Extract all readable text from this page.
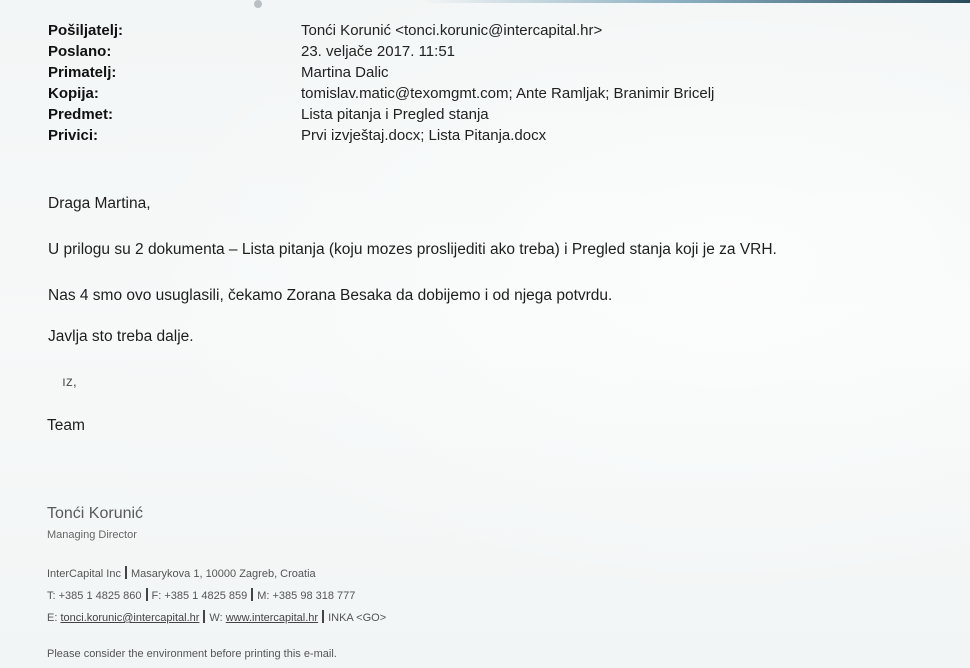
Pošiljatelj:	Tonći Korunić <tonci.korunic@intercapital.hr>
Poslano:	23. veljače 2017. 11:51
Primatelj:	Martina Dalic
Kopija:	tomislav.matic@texomgmt.com; Ante Ramljak; Branimir Bricelj
Predmet:	Lista pitanja i Pregled stanja
Privici:	Prvi izvještaj.docx; Lista Pitanja.docx

Draga Martina,

U prilogu su 2 dokumenta – Lista pitanja (koju mozes proslijediti ako treba) i Pregled stanja koji je za VRH.

Nas 4 smo ovo usuglasili, čekamo Zorana Besaka da dobijemo i od njega potvrdu.

Javlja sto treba dalje.

ız,

Team

Tonći Korunić
Managing Director
InterCapital Inc Masarykova 1, 10000 Zagreb, Croatia
T: +385 1 4825 860 F: +385 1 4825 859 M: +385 98 318 777
E: tonci.korunic@intercapital.hr W: www.intercapital.hr INKA <GO>
Please consider the environment before printing this e-mail.
